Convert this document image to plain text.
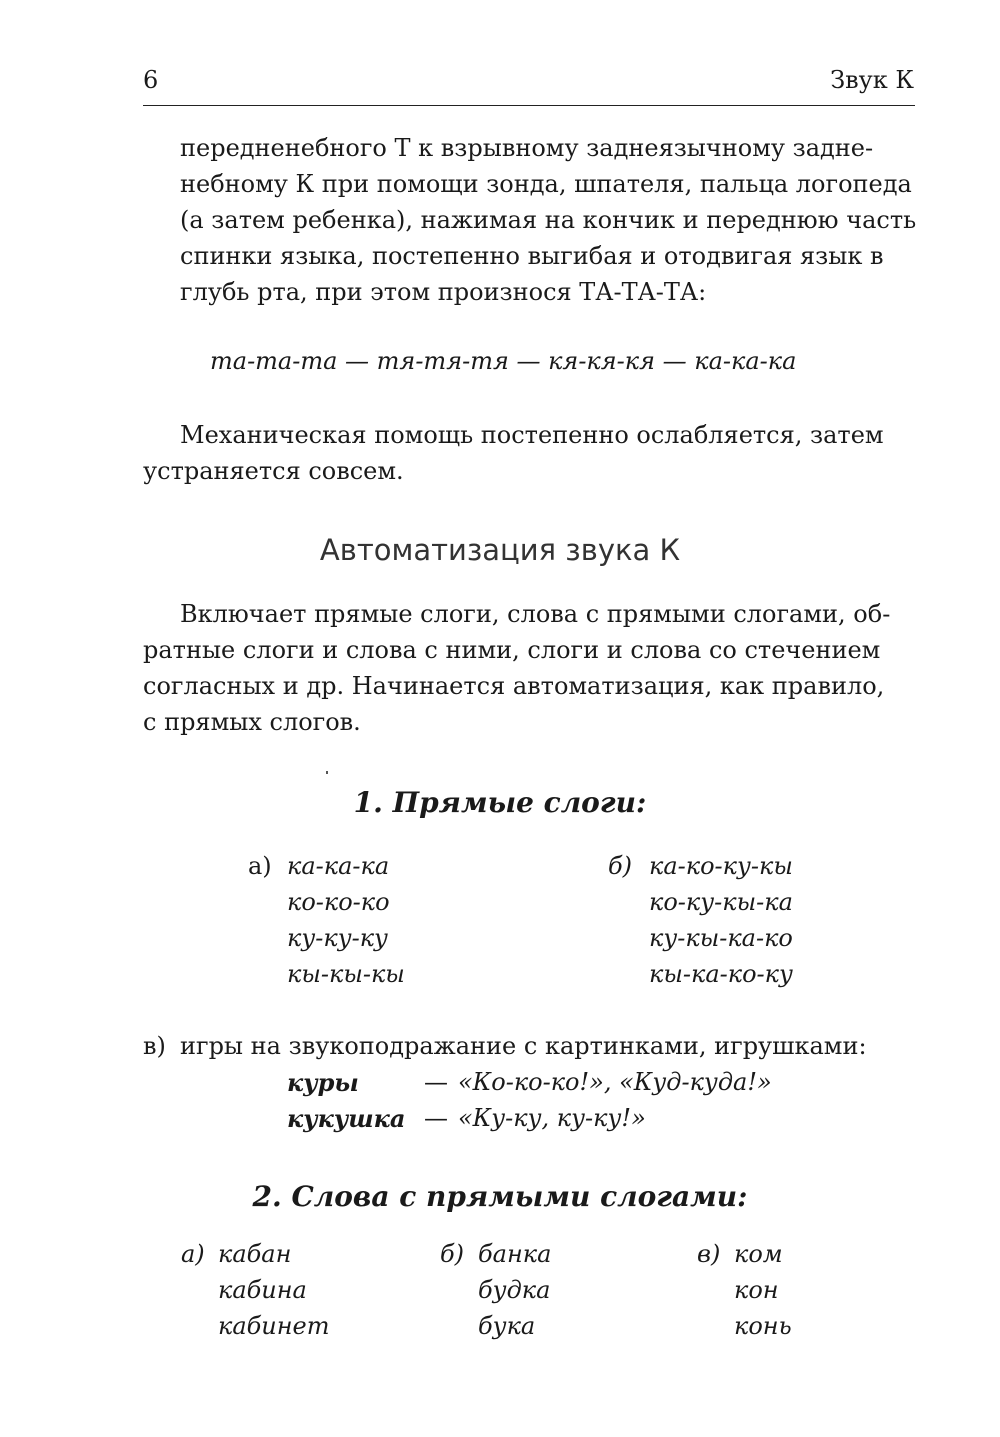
6	Звук К
передненебного Т к взрывному заднеязычному задне-
небному К при помощи зонда, шпателя, пальца логопеда
(а затем ребенка), нажимая на кончик и переднюю часть
спинки языка, постепенно выгибая и отодвигая язык в
глубь рта, при этом произнося ТА-ТА-ТА:
та-та-та — тя-тя-тя — кя-кя-кя — ка-ка-ка
Механическая помощь постепенно ослабляется, затем
устраняется совсем.
Автоматизация звука К
Включает прямые слоги, слова с прямыми слогами, об-
ратные слоги и слова с ними, слоги и слова со стечением
согласных и др. Начинается автоматизация, как правило,
с прямых слогов.
1. Прямые слоги:
а) ка-ка-ка
ко-ко-ко
ку-ку-ку
кы-кы-кы
б) ка-ко-ку-кы
ко-ку-кы-ка
ку-кы-ка-ко
кы-ка-ко-ку
в) игры на звукоподражание с картинками, игрушками:
куры	— «Ко-ко-ко!», «Куд-куда!»
кукушка — «Ку-ку, ку-ку!»
2. Слова с прямыми слогами:
а) кабан
кабина
кабинет
б) банка
будка
бука
в) ком
кон
конь
